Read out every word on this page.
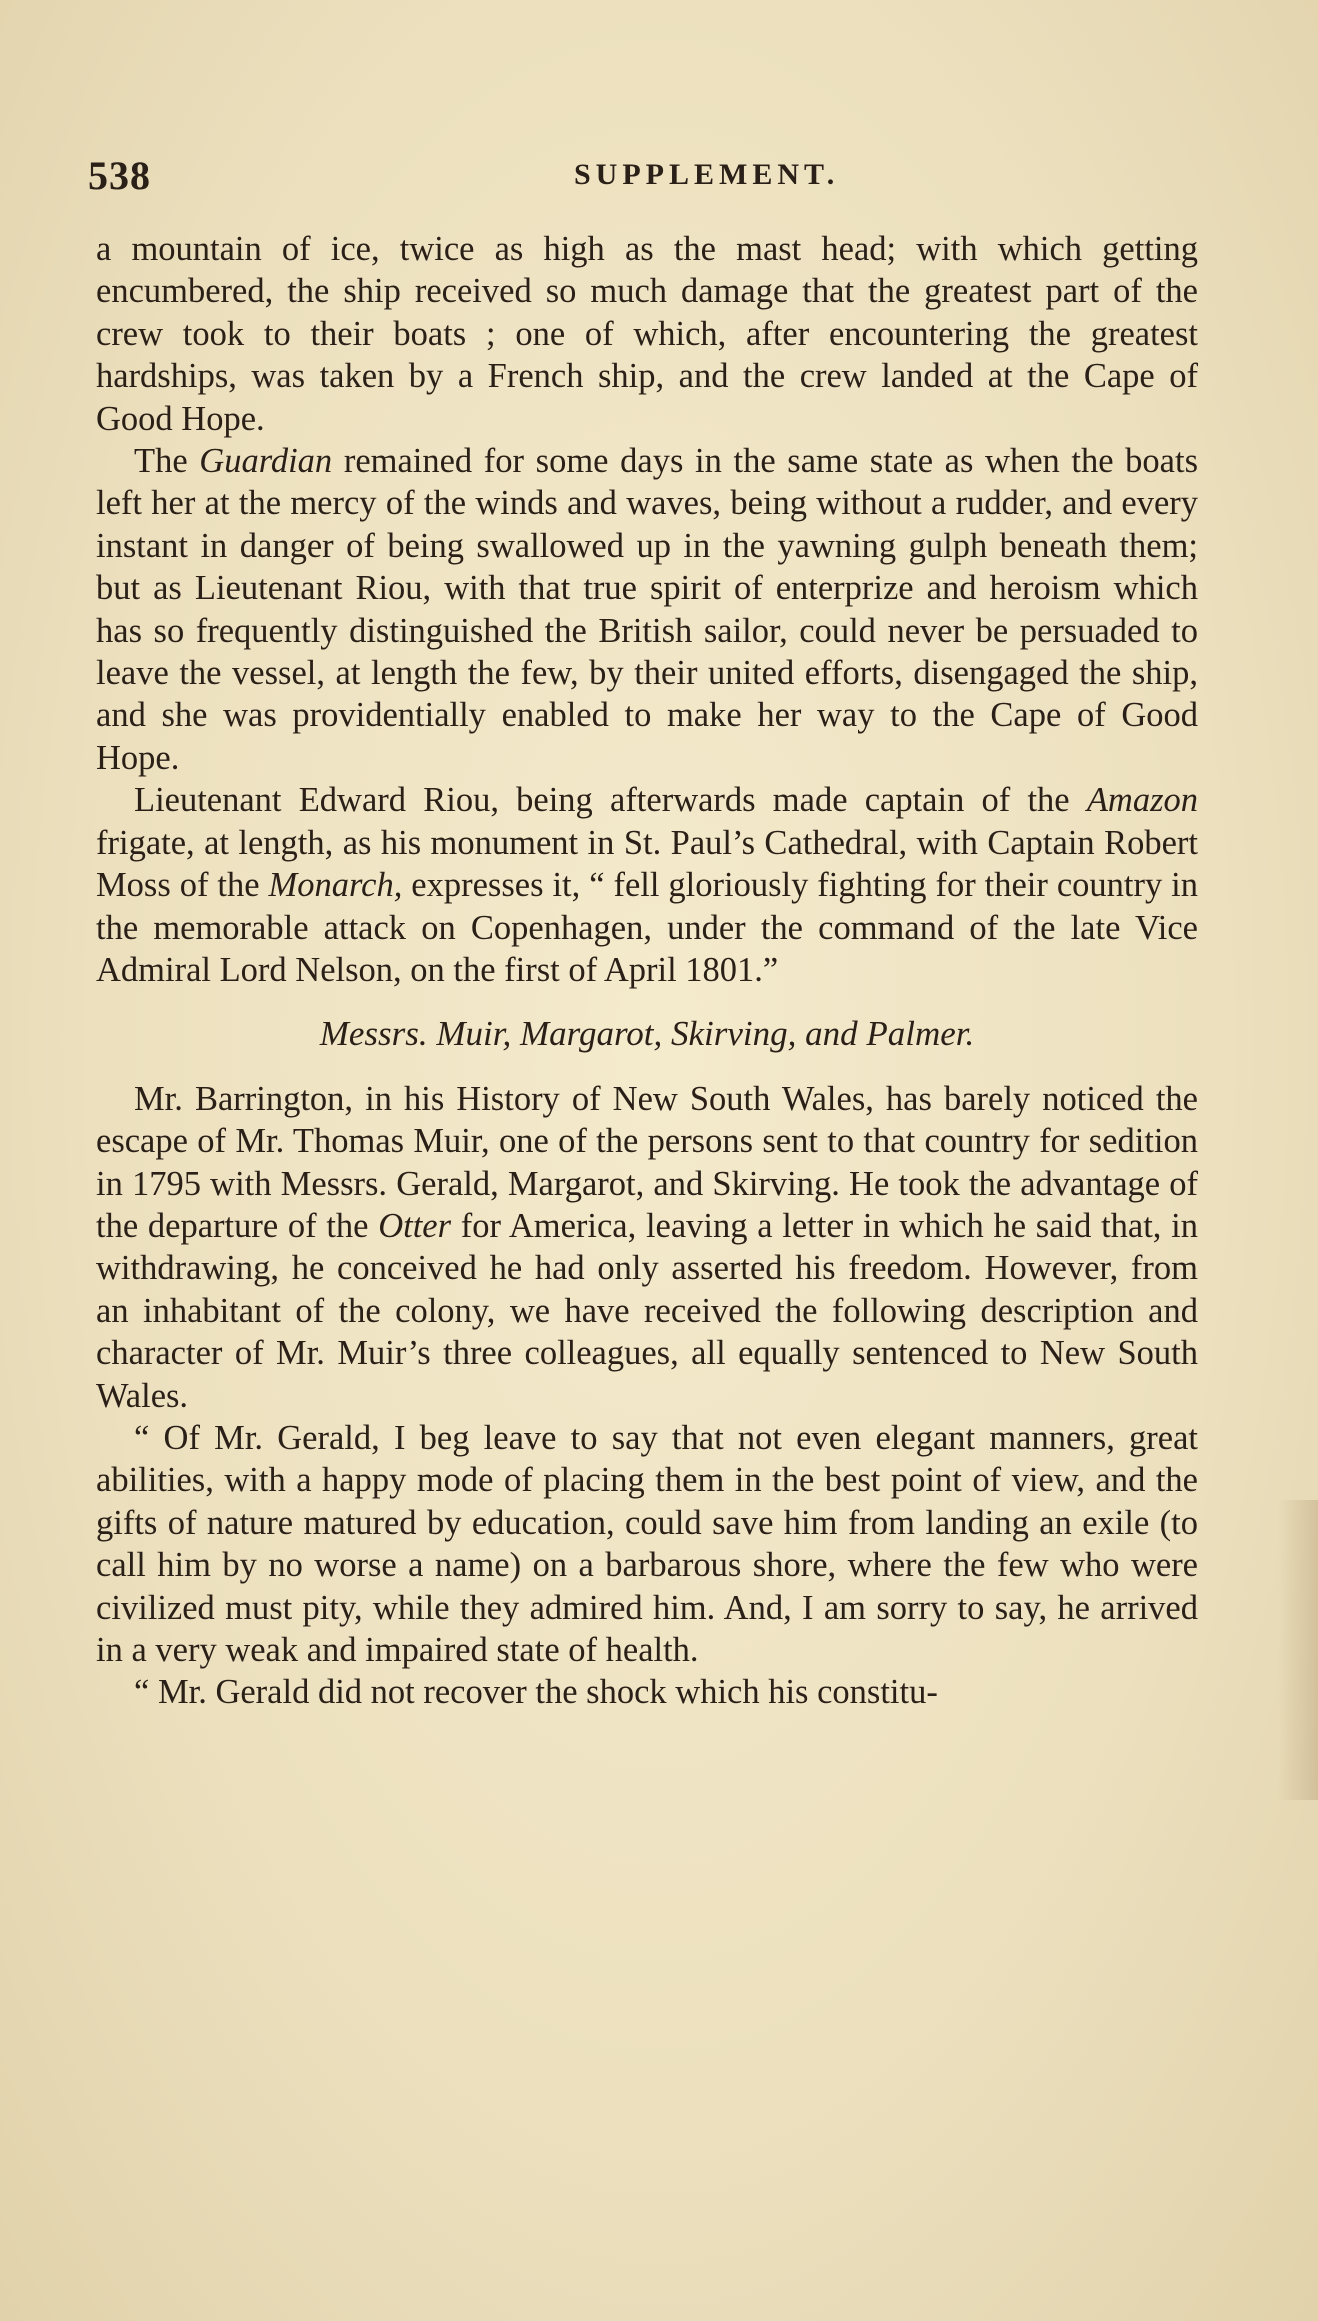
538	SUPPLEMENT.

a mountain of ice, twice as high as the mast head; with which getting encumbered, the ship received so much damage that the greatest part of the crew took to their boats ; one of which, after encountering the greatest hardships, was taken by a French ship, and the crew landed at the Cape of Good Hope.

The Guardian remained for some days in the same state as when the boats left her at the mercy of the winds and waves, being without a rudder, and every instant in danger of being swallowed up in the yawning gulph beneath them; but as Lieutenant Riou, with that true spirit of enterprize and heroism which has so frequently distinguished the British sailor, could never be persuaded to leave the vessel, at length the few, by their united efforts, disengaged the ship, and she was providentially enabled to make her way to the Cape of Good Hope.

Lieutenant Edward Riou, being afterwards made captain of the Amazon frigate, at length, as his monument in St. Paul’s Cathedral, with Captain Robert Moss of the Monarch, expresses it, “ fell gloriously fighting for their country in the memorable attack on Copenhagen, under the command of the late Vice Admiral Lord Nelson, on the first of April 1801.”

Messrs. Muir, Margarot, Skirving, and Palmer.

Mr. Barrington, in his History of New South Wales, has barely noticed the escape of Mr. Thomas Muir, one of the persons sent to that country for sedition in 1795 with Messrs. Gerald, Margarot, and Skirving. He took the advantage of the departure of the Otter for America, leaving a letter in which he said that, in withdrawing, he conceived he had only asserted his freedom. However, from an inhabitant of the colony, we have received the following description and character of Mr. Muir’s three colleagues, all equally sentenced to New South Wales.

“ Of Mr. Gerald, I beg leave to say that not even elegant manners, great abilities, with a happy mode of placing them in the best point of view, and the gifts of nature matured by education, could save him from landing an exile (to call him by no worse a name) on a barbarous shore, where the few who were civilized must pity, while they admired him. And, I am sorry to say, he arrived in a very weak and impaired state of health.

“ Mr. Gerald did not recover the shock which his constitu-
